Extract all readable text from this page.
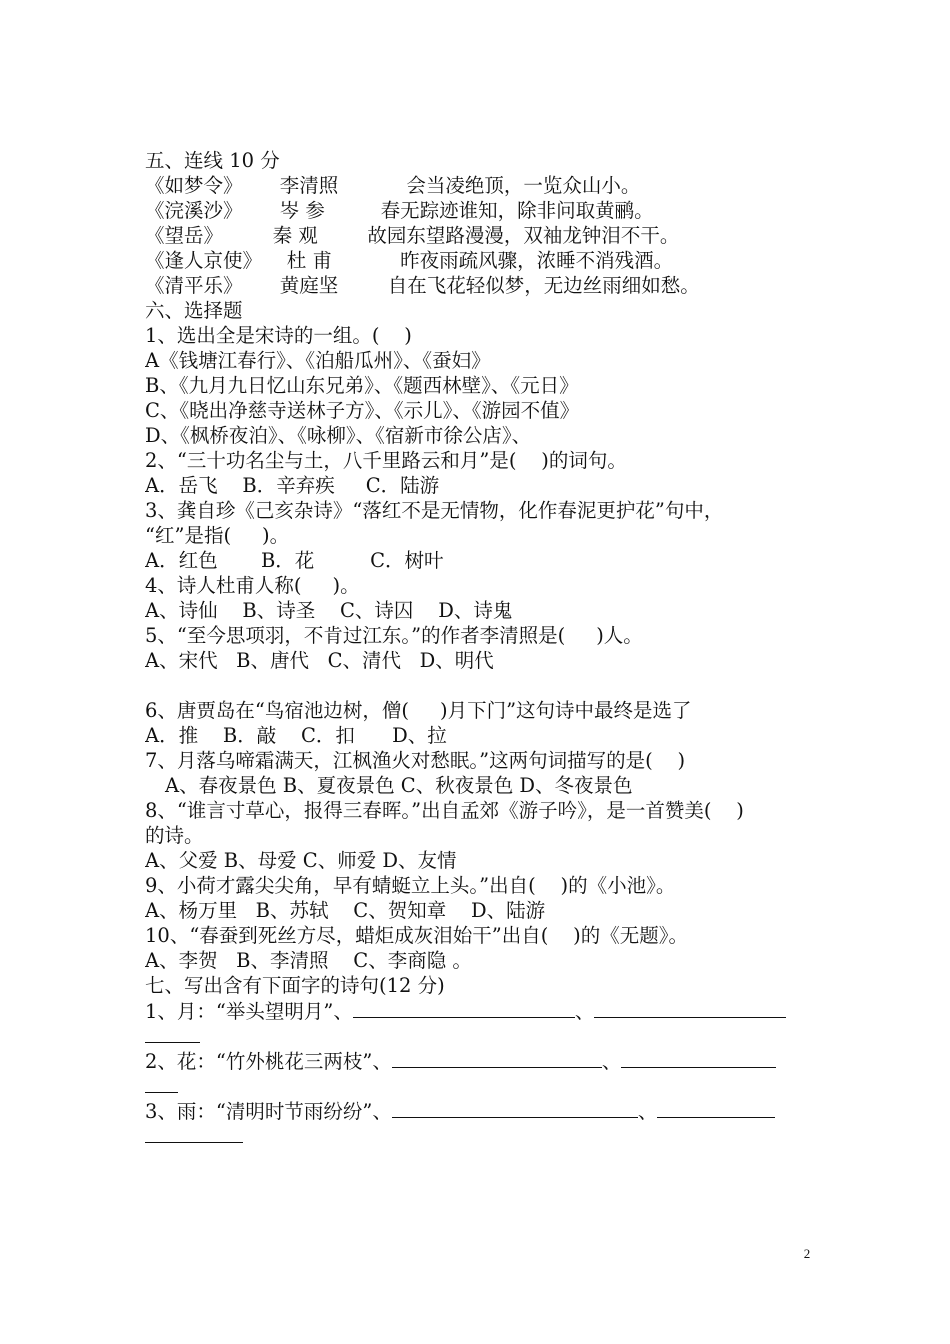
五、连线 10 分
《如梦令》      李清照           会当凌绝顶，一览众山小。
《浣溪沙》      岑 参         春无踪迹谁知，除非问取黄鹂。
《望岳》        秦 观        故园东望路漫漫，双袖龙钟泪不干。
《逢人京使》    杜 甫           昨夜雨疏风骤，浓睡不消残酒。
《清平乐》      黄庭坚        自在飞花轻似梦，无边丝雨细如愁。
六、选择题
1、选出全是宋诗的一组。(    )
A《钱塘江春行》、《泊船瓜州》、《蚕妇》
B、《九月九日忆山东兄弟》、《题西林壁》、《元日》
C、《晓出净慈寺送林子方》、《示儿》、《游园不值》
D、《枫桥夜泊》、《咏柳》、《宿新市徐公店》、
2、“三十功名尘与土，八千里路云和月”是(    )的词句。
A．岳飞    B．辛弃疾     C．陆游
3、龚自珍《己亥杂诗》“落红不是无情物，化作春泥更护花”句中，
“红”是指(     )。
A．红色       B．花         C．树叶
4、诗人杜甫人称(     )。
A、诗仙    B、诗圣    C、诗囚    D、诗鬼
5、“至今思项羽，不肯过江东。”的作者李清照是(     )人。
A、宋代   B、唐代   C、清代   D、明代
6、唐贾岛在“鸟宿池边树，僧(     )月下门”这句诗中最终是选了
A．推    B．敲    C．扣      D、拉
7、月落乌啼霜满天，江枫渔火对愁眠。”这两句词描写的是(    )
A、春夜景色 B、夏夜景色 C、秋夜景色 D、冬夜景色
8、“谁言寸草心，报得三春晖。”出自孟郊《游子吟》，是一首赞美(    )
的诗。
A、父爱 B、母爱 C、师爱 D、友情
9、小荷才露尖尖角，早有蜻蜓立上头。”出自(    )的《小池》。
A、杨万里   B、苏轼    C、贺知章    D、陆游
10、“春蚕到死丝方尽，蜡炬成灰泪始干”出自(    )的《无题》。
A、李贺   B、李清照    C、李商隐 。
七、写出含有下面字的诗句(12 分)
1、月：“举头望明月”、	、
2、花：“竹外桃花三两枝”、	、
3、雨：“清明时节雨纷纷”、	、
2
